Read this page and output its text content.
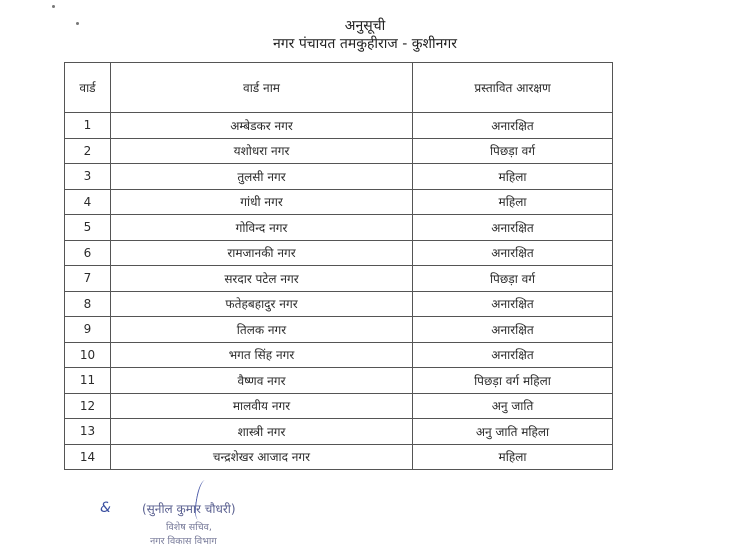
अनुसूची
नगर पंचायत तमकुहीराज - कुशीनगर
वार्ड	वार्ड नाम	प्रस्तावित आरक्षण
1	अम्बेडकर नगर	अनारक्षित
2	यशोधरा नगर	पिछड़ा वर्ग
3	तुलसी नगर	महिला
4	गांधी नगर	महिला
5	गोविन्द नगर	अनारक्षित
6	रामजानकी नगर	अनारक्षित
7	सरदार पटेल नगर	पिछड़ा वर्ग
8	फतेहबहादुर नगर	अनारक्षित
9	तिलक नगर	अनारक्षित
10	भगत सिंह नगर	अनारक्षित
11	वैष्णव नगर	पिछड़ा वर्ग महिला
12	मालवीय नगर	अनु जाति
13	शास्त्री नगर	अनु जाति महिला
14	चन्द्रशेखर आजाद नगर	महिला
&	(सुनील कुमार चौधरी)
विशेष सचिव,
नगर विकास विभाग
